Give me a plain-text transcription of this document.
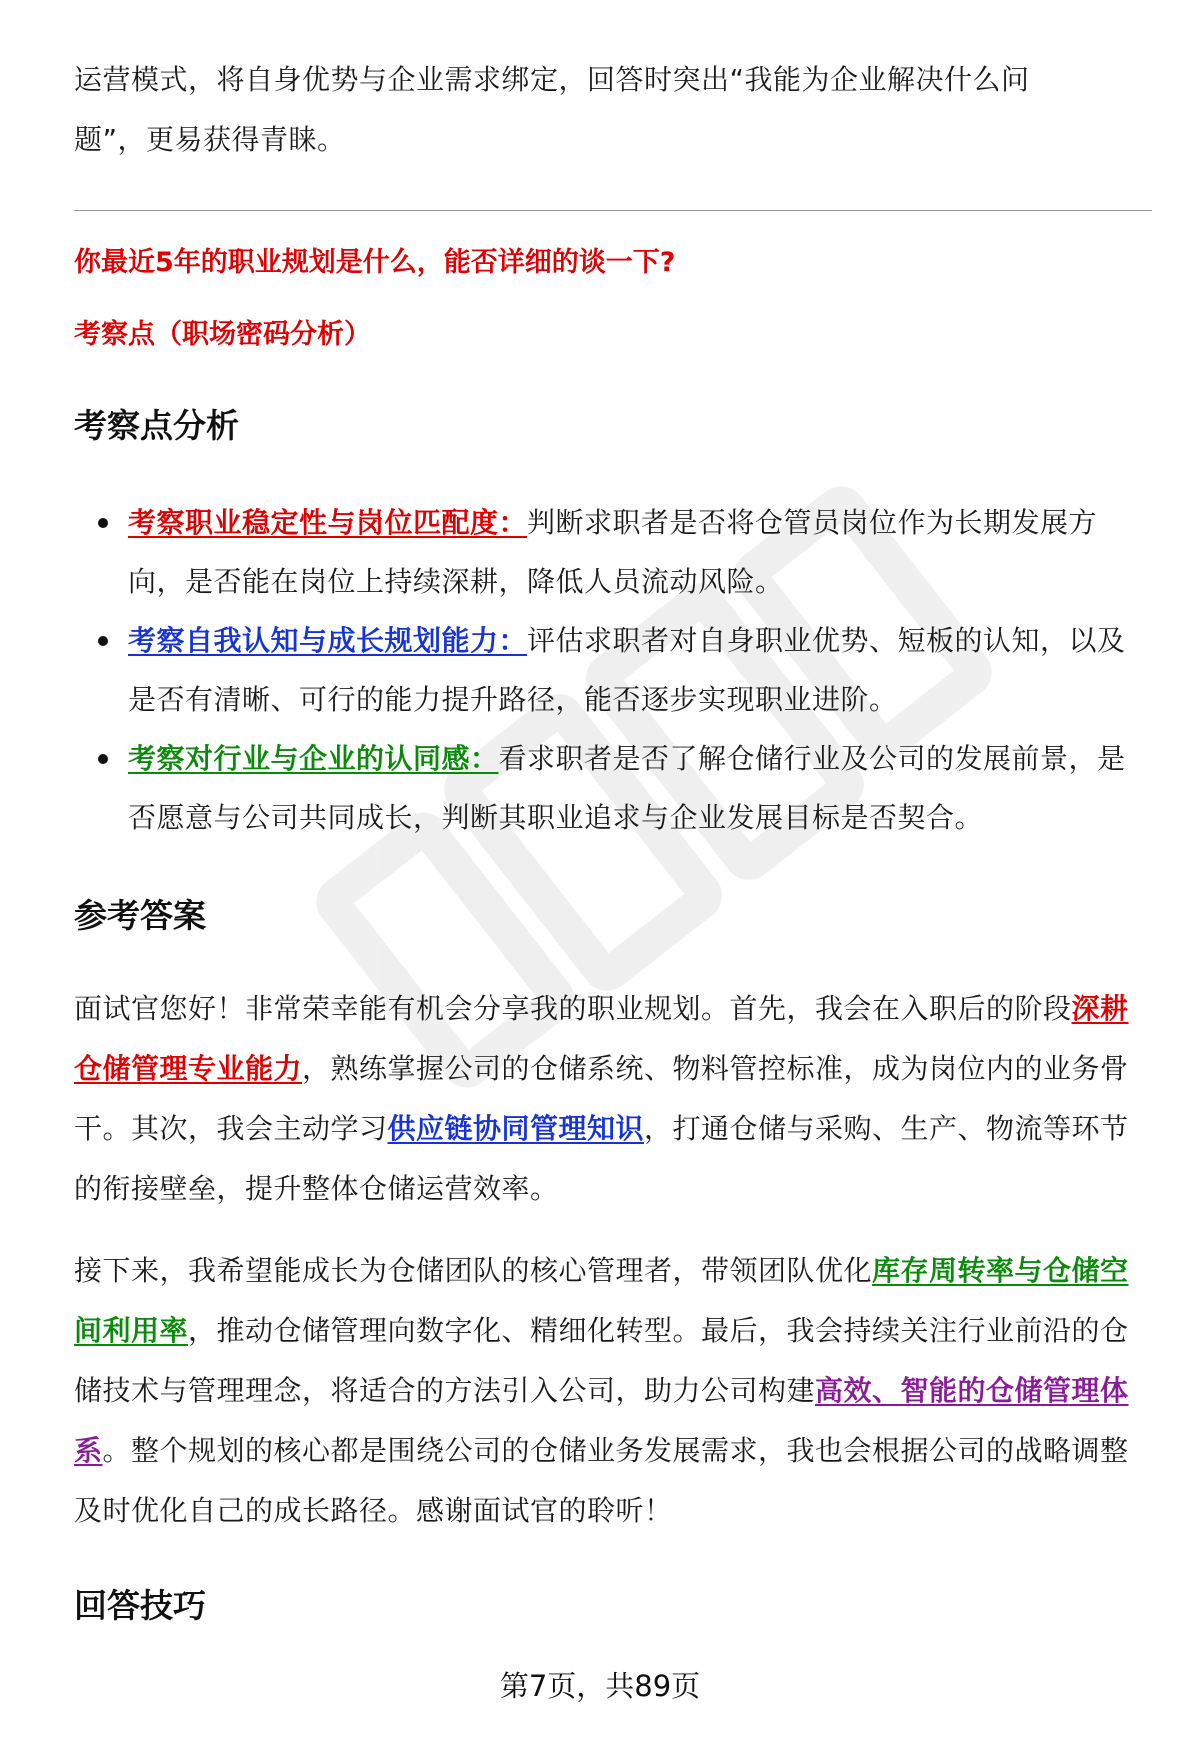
运营模式，将自身优势与企业需求绑定，回答时突出“我能为企业解决什么问
题”，更易获得青睐。

你最近5年的职业规划是什么，能否详细的谈一下?

考察点（职场密码分析）

考察点分析
考察职业稳定性与岗位匹配度：判断求职者是否将仓管员岗位作为长期发展方向，是否能在岗位上持续深耕，降低人员流动风险。
考察自我认知与成长规划能力：评估求职者对自身职业优势、短板的认知，以及是否有清晰、可行的能力提升路径，能否逐步实现职业进阶。
考察对行业与企业的认同感：看求职者是否了解仓储行业及公司的发展前景，是否愿意与公司共同成长，判断其职业追求与企业发展目标是否契合。
参考答案

面试官您好！非常荣幸能有机会分享我的职业规划。首先，我会在入职后的阶段深耕仓储管理专业能力，熟练掌握公司的仓储系统、物料管控标准，成为岗位内的业务骨干。其次，我会主动学习供应链协同管理知识，打通仓储与采购、生产、物流等环节的衔接壁垒，提升整体仓储运营效率。

接下来，我希望能成长为仓储团队的核心管理者，带领团队优化库存周转率与仓储空间利用率，推动仓储管理向数字化、精细化转型。最后，我会持续关注行业前沿的仓储技术与管理理念，将适合的方法引入公司，助力公司构建高效、智能的仓储管理体系。整个规划的核心都是围绕公司的仓储业务发展需求，我也会根据公司的战略调整及时优化自己的成长路径。感谢面试官的聆听！

回答技巧
第7页，共89页
